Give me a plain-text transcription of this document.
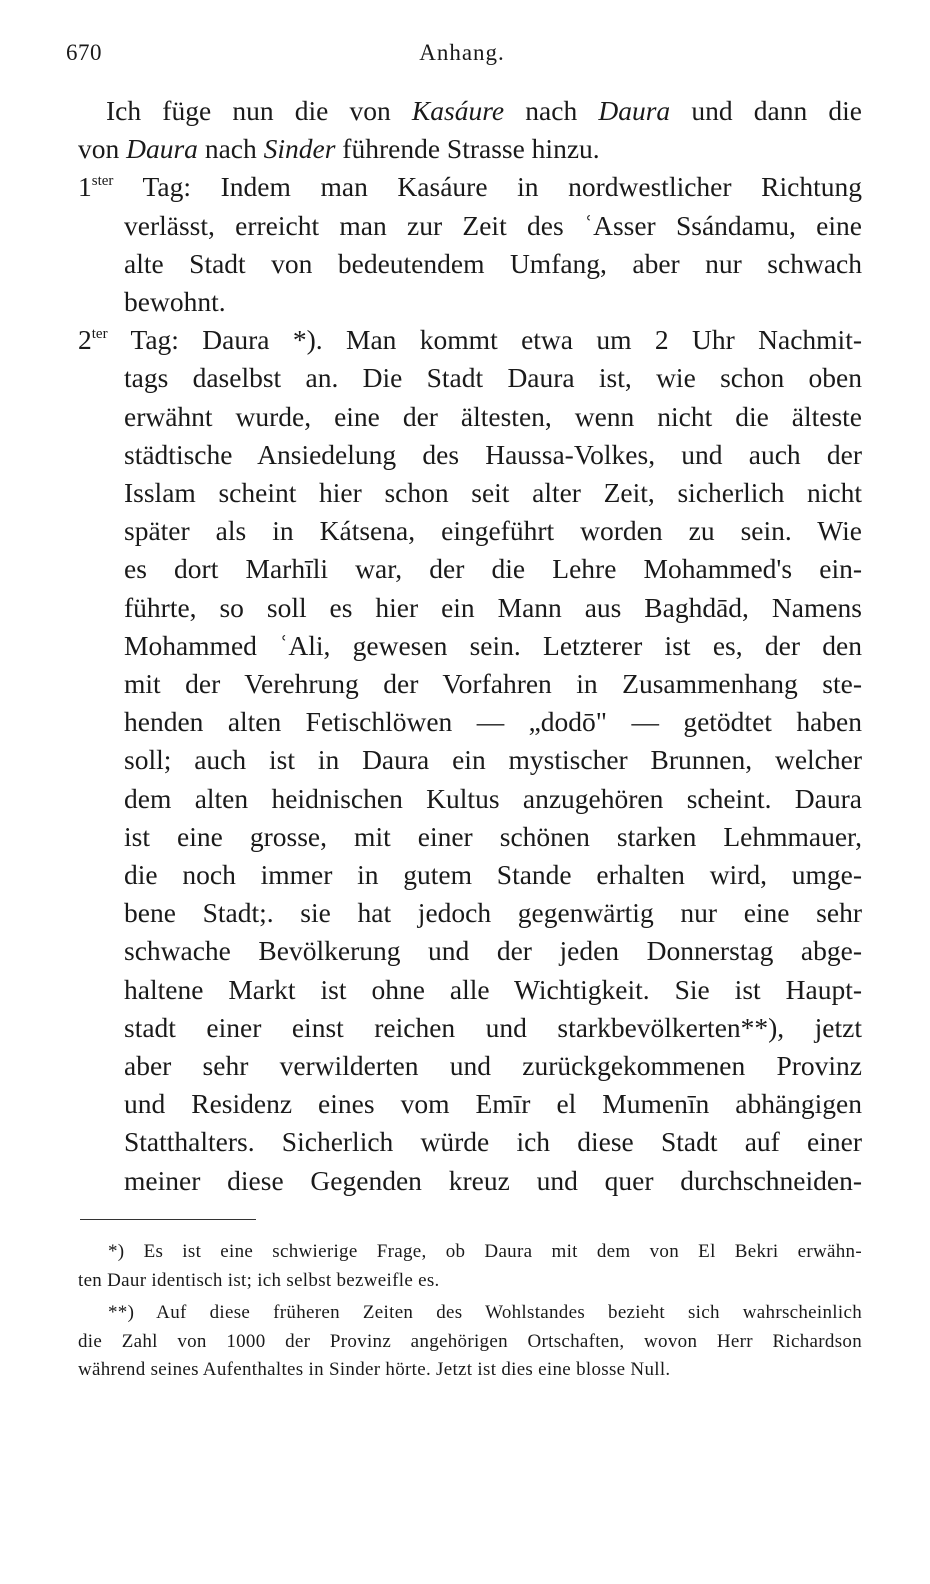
670	Anhang.

Ich füge nun die von Kasáure nach Daura und dann die
von Daura nach Sinder führende Strasse hinzu.

$1^{ster}$ Tag: Indem man Kasáure in nordwestlicher Richtung
verlässt, erreicht man zur Zeit des ʿAsser Ssándamu, eine
alte Stadt von bedeutendem Umfang, aber nur schwach
bewohnt.
$2^{ter}$ Tag: Daura *). Man kommt etwa um 2 Uhr Nachmit-
tags daselbst an. Die Stadt Daura ist, wie schon oben
erwähnt wurde, eine der ältesten, wenn nicht die älteste
städtische Ansiedelung des Haussa-Volkes, und auch der
Isslam scheint hier schon seit alter Zeit, sicherlich nicht
später als in Kátsena, eingeführt worden zu sein. Wie
es dort Marhīli war, der die Lehre Mohammed's ein-
führte, so soll es hier ein Mann aus Baghdād, Namens
Mohammed ʿAli, gewesen sein. Letzterer ist es, der den
mit der Verehrung der Vorfahren in Zusammenhang ste-
henden alten Fetischlöwen — „dodō" — getödtet haben
soll; auch ist in Daura ein mystischer Brunnen, welcher
dem alten heidnischen Kultus anzugehören scheint. Daura
ist eine grosse, mit einer schönen starken Lehmmauer,
die noch immer in gutem Stande erhalten wird, umge-
bene Stadt;. sie hat jedoch gegenwärtig nur eine sehr
schwache Bevölkerung und der jeden Donnerstag abge-
haltene Markt ist ohne alle Wichtigkeit. Sie ist Haupt-
stadt einer einst reichen und starkbevölkerten**), jetzt
aber sehr verwilderten und zurückgekommenen Provinz
und Residenz eines vom Emīr el Mumenīn abhängigen
Statthalters. Sicherlich würde ich diese Stadt auf einer
meiner diese Gegenden kreuz und quer durchschneiden-
*) Es ist eine schwierige Frage, ob Daura mit dem von El Bekri erwähn-
ten Daur identisch ist; ich selbst bezweifle es.
**) Auf diese früheren Zeiten des Wohlstandes bezieht sich wahrscheinlich
die Zahl von 1000 der Provinz angehörigen Ortschaften, wovon Herr Richardson
während seines Aufenthaltes in Sinder hörte. Jetzt ist dies eine blosse Null.
